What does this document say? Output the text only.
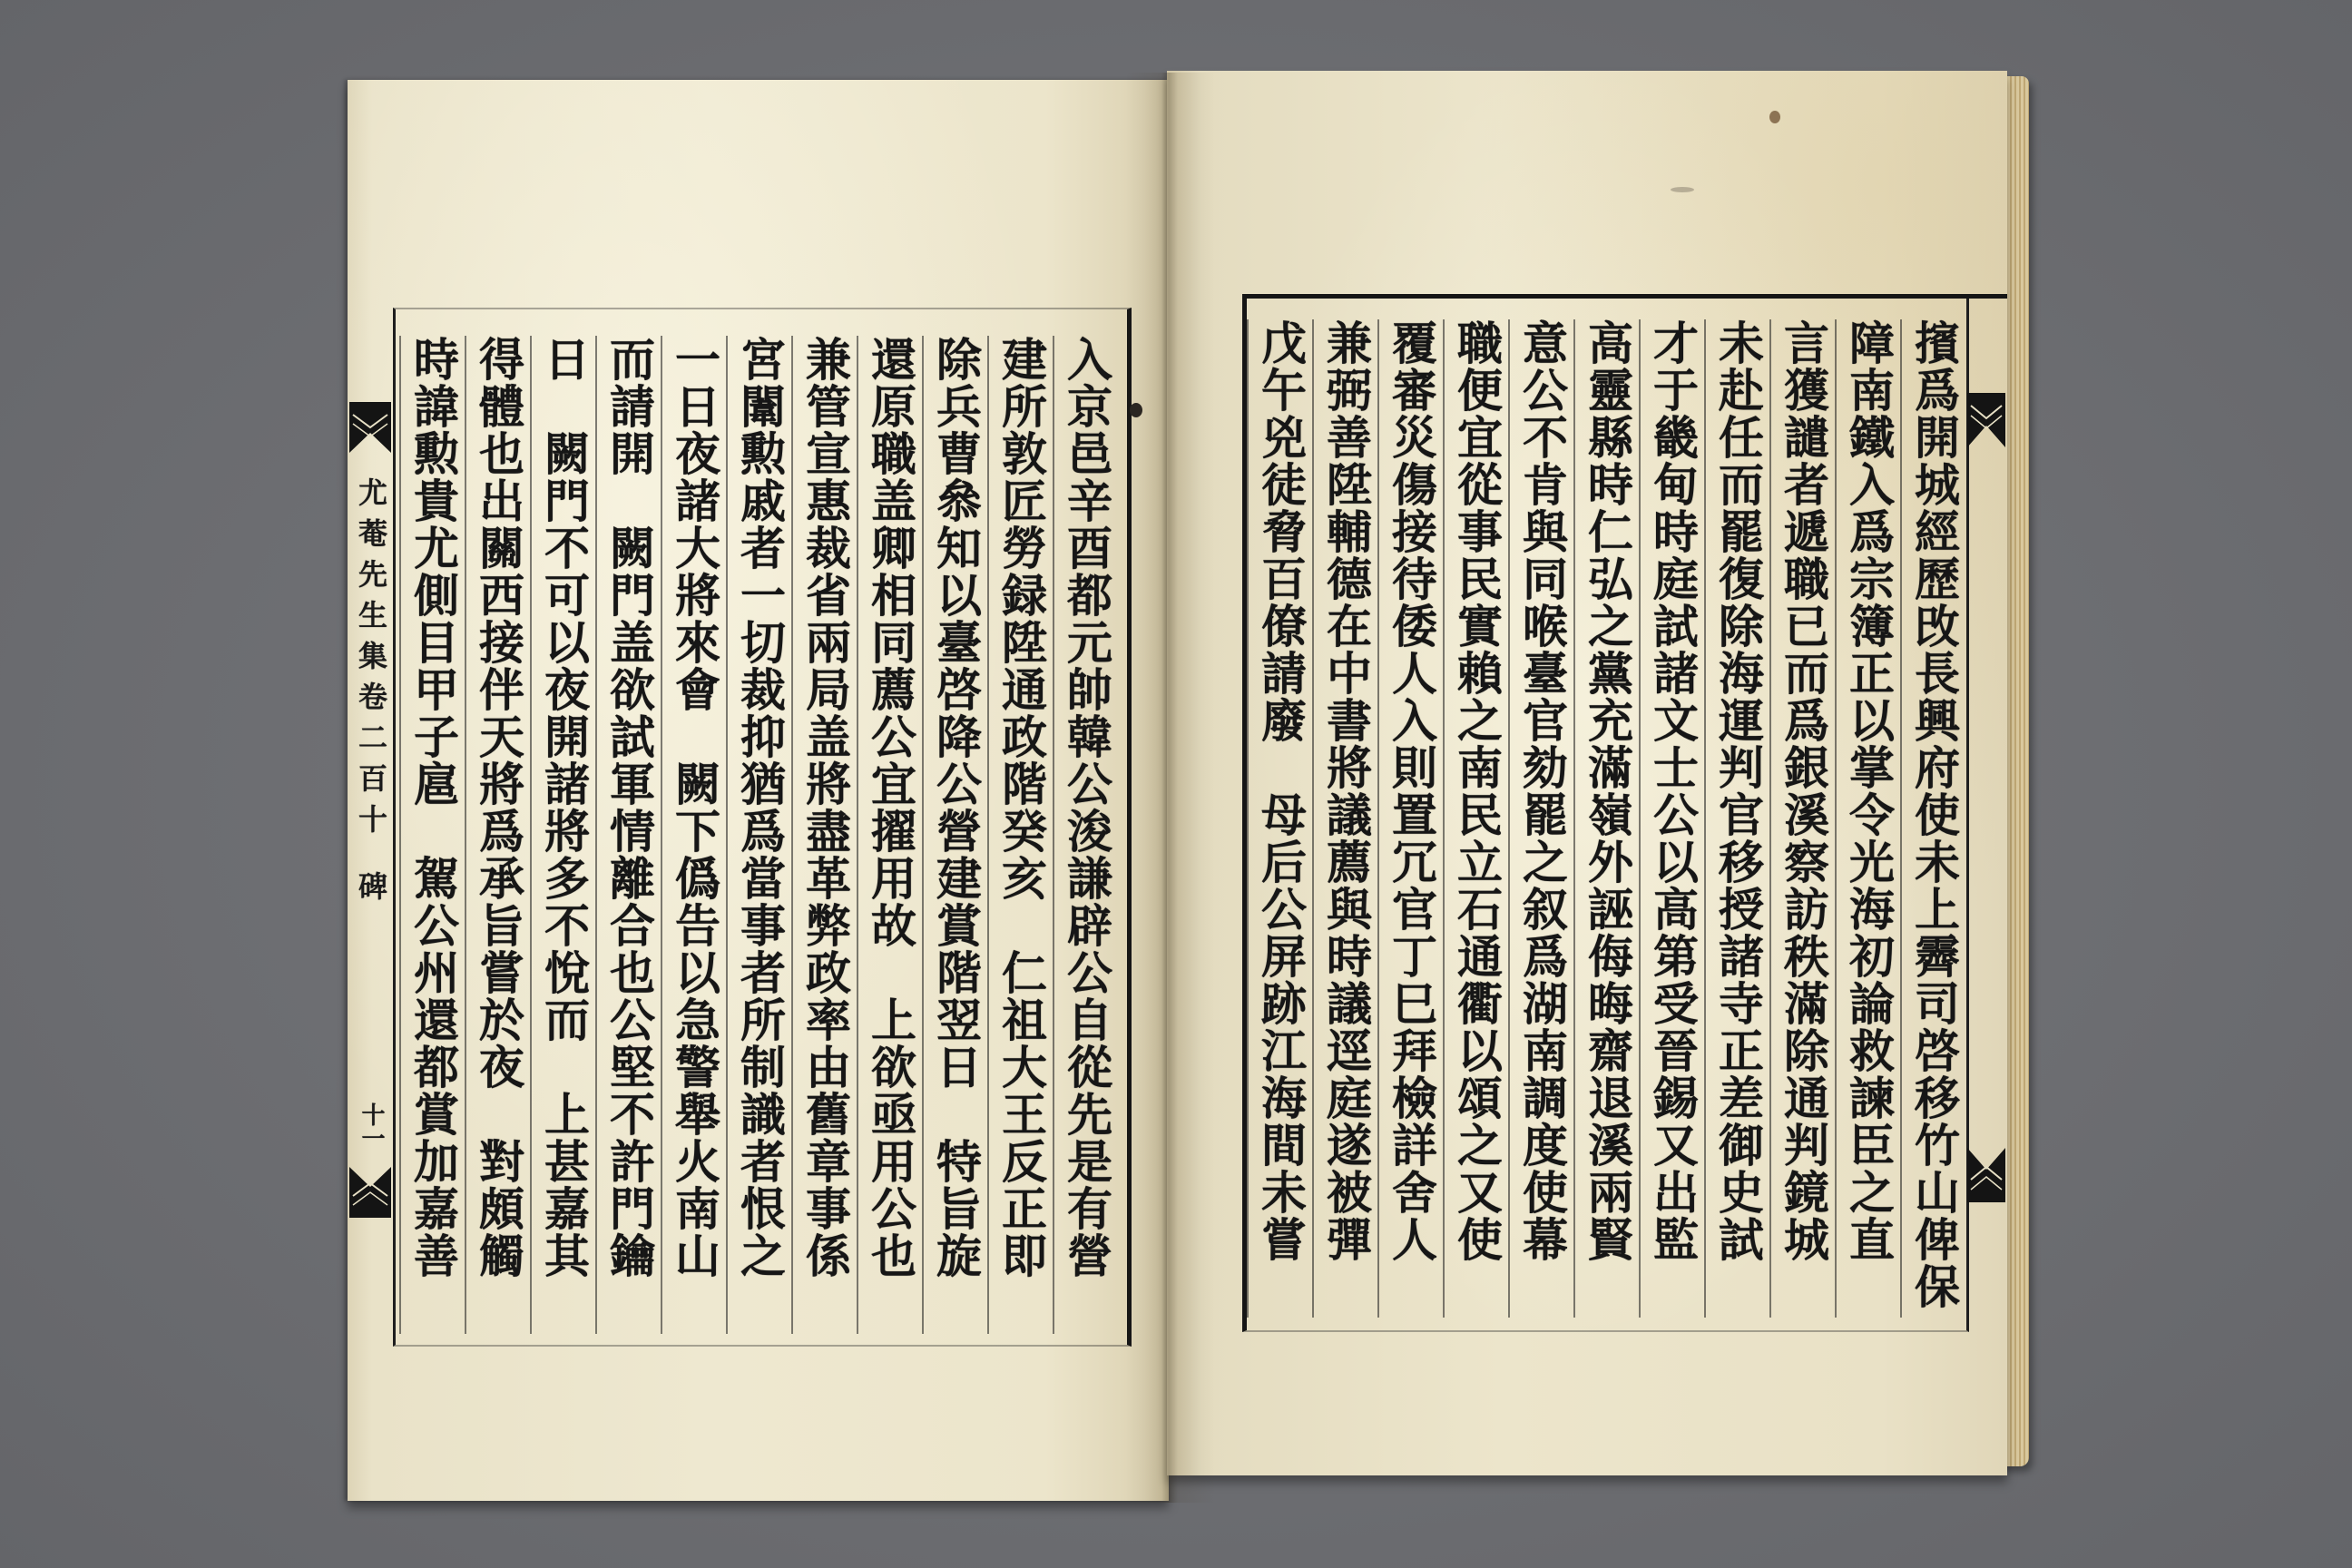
尤菴先生集卷二百十
碑
十一	入京邑辛酉都元帥韓公浚謙辟公自從先是有營
建所敦匠勞録陞通政階癸亥　仁祖大王反正即
除兵曹叅知以臺啓降公營建賞階翌日　特旨旋
還原職盖卿相同薦公宜擢用故　上欲亟用公也
兼管宣惠裁省兩局盖將盡革弊政率由舊章事係
宮闈勲戚者一切裁抑猶爲當事者所制識者恨之
一日夜諸大將來會　闕下僞告以急警舉火南山
而請開　闕門盖欲試軍情離合也公堅不許門鑰
日　闕門不可以夜開諸將多不悅而　上甚嘉其
得體也出關西接伴天將爲承旨嘗於夜　對頗觸
時諱勲貴尤側目甲子扈　駕公州還都賞加嘉善	擯爲開城經歷攺長興府使未上霽司啓移竹山俾保
障南鐵入爲宗簿正以掌令光海初論救諫臣之直
言獲譴者遞職已而爲銀溪察訪秩滿除通判鏡城
未赴任而罷復除海運判官移授諸寺正差御史試
才于畿甸時庭試諸文士公以高第受晉錫又出監
高靈縣時仁弘之黨充滿嶺外誣侮晦齋退溪兩賢
意公不肯與同喉臺官劾罷之叙爲湖南調度使幕
職便宜從事民實賴之南民立石通衢以頌之又使
覆審災傷接待倭人入則置冗官丁巳拜檢詳舍人
兼弼善陞輔德在中書將議薦與時議逕庭遂被彈
戊午兇徒脅百僚請廢　母后公屏跡江海間未嘗
